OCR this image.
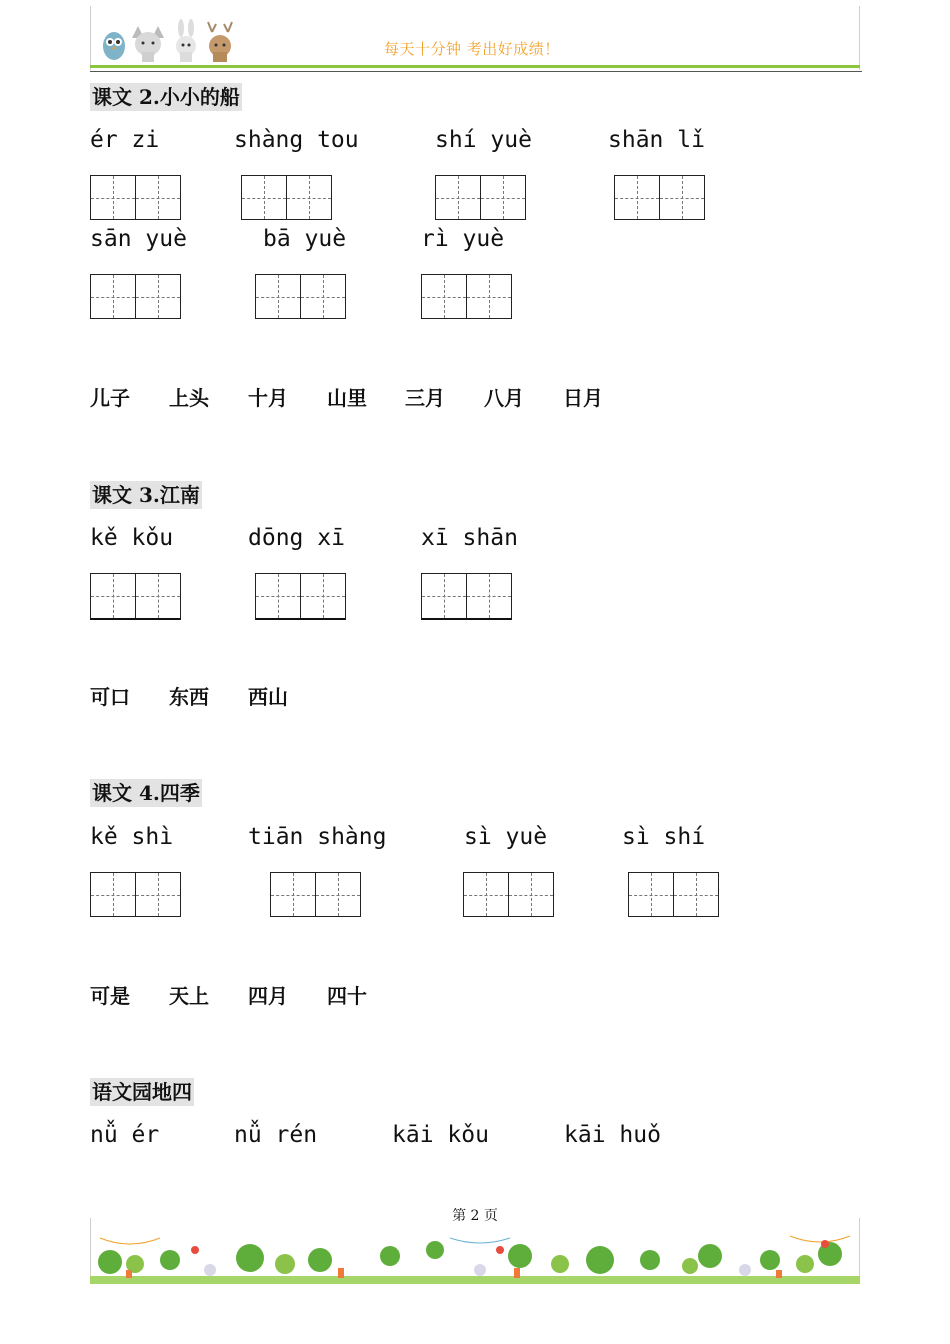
每天十分钟 考出好成绩！
课文 2.小小的船
ér zi	shàng tou	shí yuè	shān lǐ
sān yuè	bā yuè	rì yuè
儿子 上头 十月 山里 三月 八月 日月
课文 3.江南
kě kǒu	dōng xī	xī shān
可口 东西 西山
课文 4.四季
kě shì	tiān shàng	sì yuè	sì shí
可是 天上 四月 四十
语文园地四
nǚ ér	nǚ rén	kāi kǒu	kāi huǒ
第 2 页
